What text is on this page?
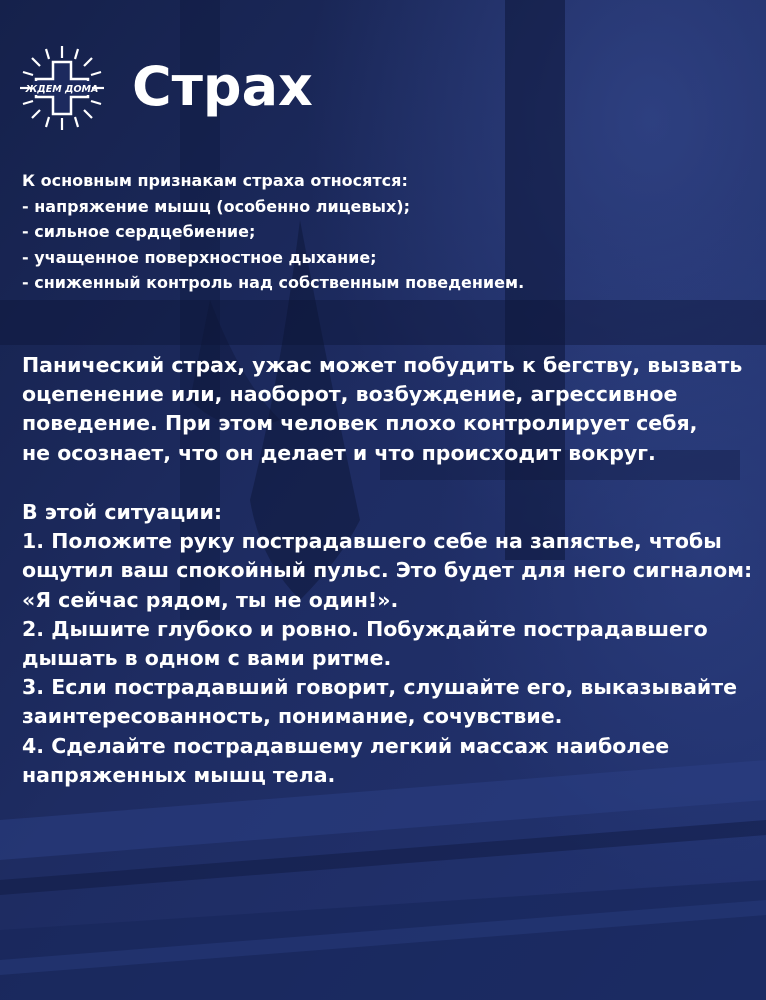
ЖДЕМ ДОМА Страх
К основным признакам страха относятся:
- напряжение мышц (особенно лицевых);
- сильное сердцебиение;
- учащенное поверхностное дыхание;
- сниженный контроль над собственным поведением.
Панический страх, ужас может побудить к бегству, вызвать
оцепенение или, наоборот, возбуждение, агрессивное
поведение. При этом человек плохо контролирует себя,
не осознает, что он делает и что происходит вокруг.
В этой ситуации:
1. Положите руку пострадавшего себе на запястье, чтобы
ощутил ваш спокойный пульс. Это будет для него сигналом:
«Я сейчас рядом, ты не один!».
2. Дышите глубоко и ровно. Побуждайте пострадавшего
дышать в одном с вами ритме.
3. Если пострадавший говорит, слушайте его, выказывайте
заинтересованность, понимание, сочувствие.
4. Сделайте пострадавшему легкий массаж наиболее
напряженных мышц тела.
